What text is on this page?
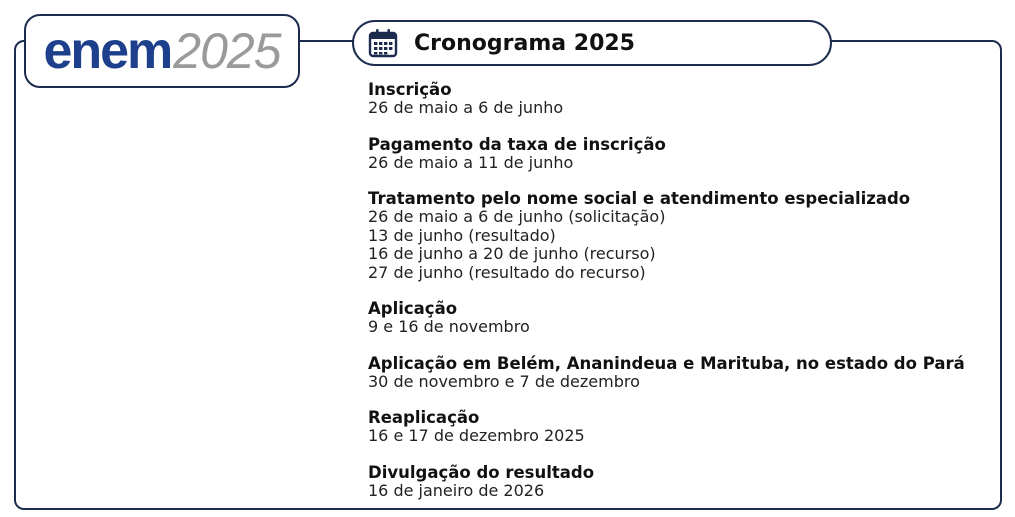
enem 2025	Cronograma 2025
Inscrição
26 de maio a 6 de junho
Pagamento da taxa de inscrição
26 de maio a 11 de junho
Tratamento pelo nome social e atendimento especializado
26 de maio a 6 de junho (solicitação)
13 de junho (resultado)
16 de junho a 20 de junho (recurso)
27 de junho (resultado do recurso)
Aplicação
9 e 16 de novembro
Aplicação em Belém, Ananindeua e Marituba, no estado do Pará
30 de novembro e 7 de dezembro
Reaplicação
16 e 17 de dezembro 2025
Divulgação do resultado
16 de janeiro de 2026
